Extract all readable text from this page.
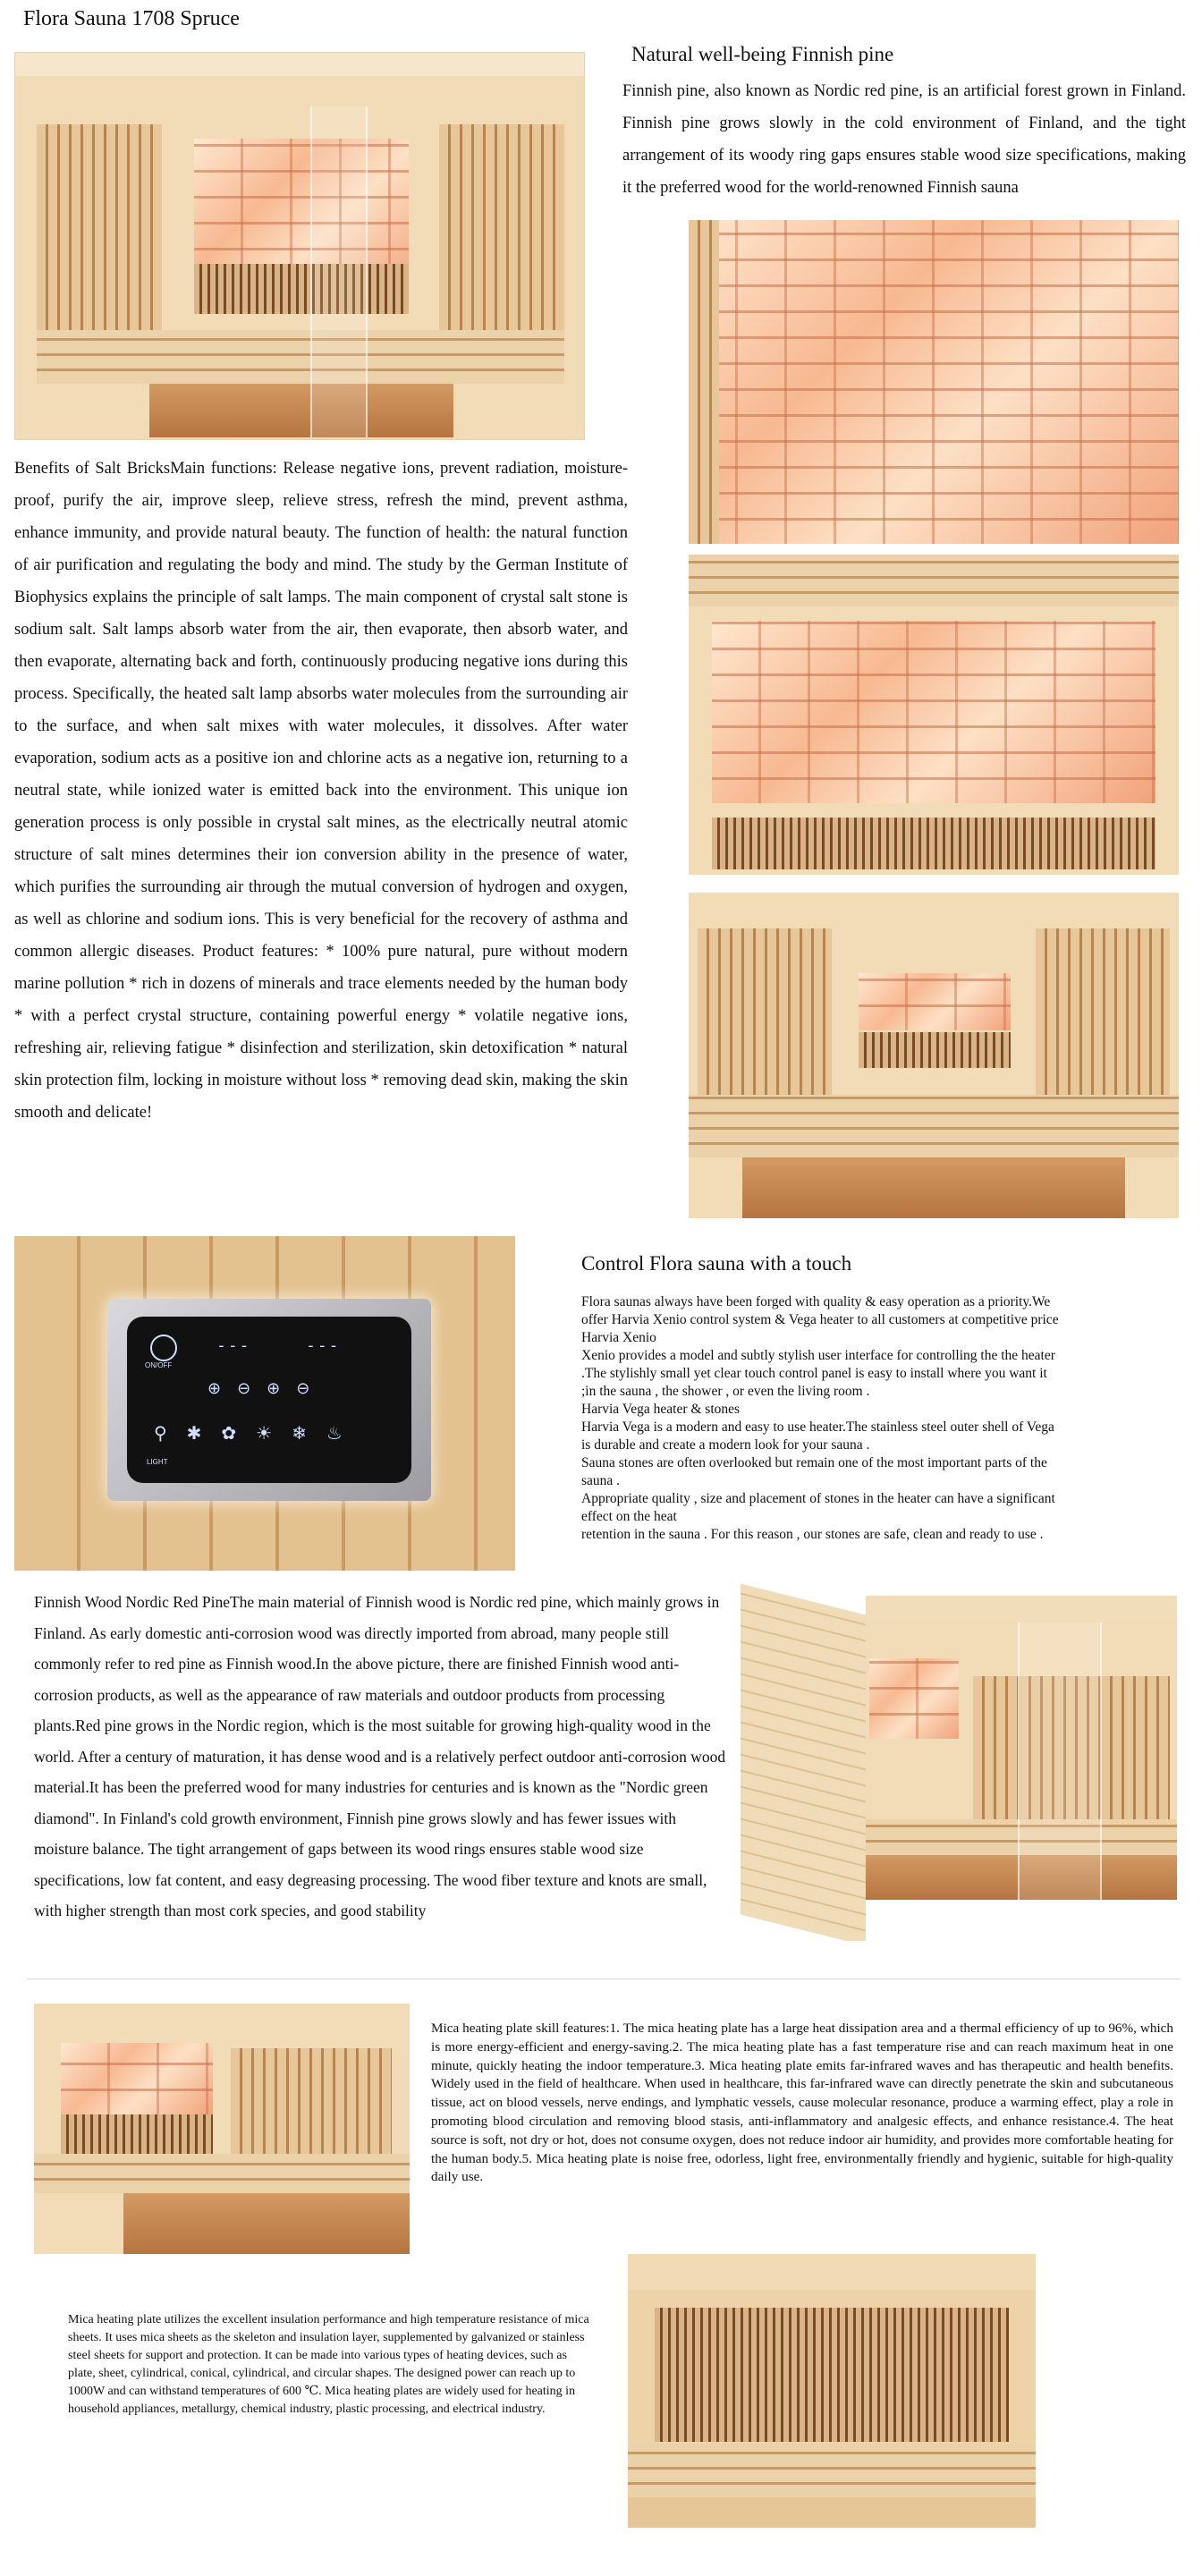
Flora Sauna 1708 Spruce
Natural well-being Finnish pine
Finnish pine, also known as Nordic red pine, is an artificial forest grown in Finland. Finnish pine grows slowly in the cold environment of Finland, and the tight arrangement of its woody ring gaps ensures stable wood size specifications, making it the preferred wood for the world-renowned Finnish sauna
Benefits of Salt BricksMain functions: Release negative ions, prevent radiation, moisture-proof, purify the air, improve sleep, relieve stress, refresh the mind, prevent asthma, enhance immunity, and provide natural beauty. The function of health: the natural function of air purification and regulating the body and mind. The study by the German Institute of Biophysics explains the principle of salt lamps. The main component of crystal salt stone is sodium salt. Salt lamps absorb water from the air, then evaporate, then absorb water, and then evaporate, alternating back and forth, continuously producing negative ions during this process. Specifically, the heated salt lamp absorbs water molecules from the surrounding air to the surface, and when salt mixes with water molecules, it dissolves. After water evaporation, sodium acts as a positive ion and chlorine acts as a negative ion, returning to a neutral state, while ionized water is emitted back into the environment. This unique ion generation process is only possible in crystal salt mines, as the electrically neutral atomic structure of salt mines determines their ion conversion ability in the presence of water, which purifies the surrounding air through the mutual conversion of hydrogen and oxygen, as well as chlorine and sodium ions. This is very beneficial for the recovery of asthma and common allergic diseases. Product features: * 100% pure natural, pure without modern marine pollution * rich in dozens of minerals and trace elements needed by the human body * with a perfect crystal structure, containing powerful energy * volatile negative ions, refreshing air, relieving fatigue * disinfection and sterilization, skin detoxification * natural skin protection film, locking in moisture without loss * removing dead skin, making the skin smooth and delicate!
ON/OFF
---	---
⊕⊖⊕⊖
⚲✱✿☀❄♨
LIGHT
Control Flora sauna with a touch
Flora saunas always have been forged with quality & easy operation as a priority.We
offer Harvia Xenio control system & Vega heater to all customers at competitive price
Harvia Xenio
Xenio provides a model and subtly stylish user interface for controlling the the heater
.The stylishly small yet clear touch control panel is easy to install where you want it
;in the sauna , the shower , or even the living room .
Harvia Vega heater & stones
Harvia Vega is a modern and easy to use heater.The stainless steel outer shell of Vega
is durable and create a modern look for your sauna .
Sauna stones are often overlooked but remain one of the most important parts of the
sauna .
Appropriate quality , size and placement of stones in the heater can have a significant
effect on the heat
retention in the sauna . For this reason , our stones are safe, clean and ready to use .
Finnish Wood Nordic Red PineThe main material of Finnish wood is Nordic red pine, which mainly grows in Finland. As early domestic anti-corrosion wood was directly imported from abroad, many people still commonly refer to red pine as Finnish wood.In the above picture, there are finished Finnish wood anti-corrosion products, as well as the appearance of raw materials and outdoor products from processing plants.Red pine grows in the Nordic region, which is the most suitable for growing high-quality wood in the world. After a century of maturation, it has dense wood and is a relatively perfect outdoor anti-corrosion wood material.It has been the preferred wood for many industries for centuries and is known as the "Nordic green diamond". In Finland's cold growth environment, Finnish pine grows slowly and has fewer issues with moisture balance. The tight arrangement of gaps between its wood rings ensures stable wood size specifications, low fat content, and easy degreasing processing. The wood fiber texture and knots are small, with higher strength than most cork species, and good stability
Mica heating plate skill features:1. The mica heating plate has a large heat dissipation area and a thermal efficiency of up to 96%, which is more energy-efficient and energy-saving.2. The mica heating plate has a fast temperature rise and can reach maximum heat in one minute, quickly heating the indoor temperature.3. Mica heating plate emits far-infrared waves and has therapeutic and health benefits. Widely used in the field of healthcare. When used in healthcare, this far-infrared wave can directly penetrate the skin and subcutaneous tissue, act on blood vessels, nerve endings, and lymphatic vessels, cause molecular resonance, produce a warming effect, play a role in promoting blood circulation and removing blood stasis, anti-inflammatory and analgesic effects, and enhance resistance.4. The heat source is soft, not dry or hot, does not consume oxygen, does not reduce indoor air humidity, and provides more comfortable heating for the human body.5. Mica heating plate is noise free, odorless, light free, environmentally friendly and hygienic, suitable for high-quality daily use.
Mica heating plate utilizes the excellent insulation performance and high temperature resistance of mica sheets. It uses mica sheets as the skeleton and insulation layer, supplemented by galvanized or stainless steel sheets for support and protection. It can be made into various types of heating devices, such as plate, sheet, cylindrical, conical, cylindrical, and circular shapes. The designed power can reach up to 1000W and can withstand temperatures of 600 ℃. Mica heating plates are widely used for heating in household appliances, metallurgy, chemical industry, plastic processing, and electrical industry.
